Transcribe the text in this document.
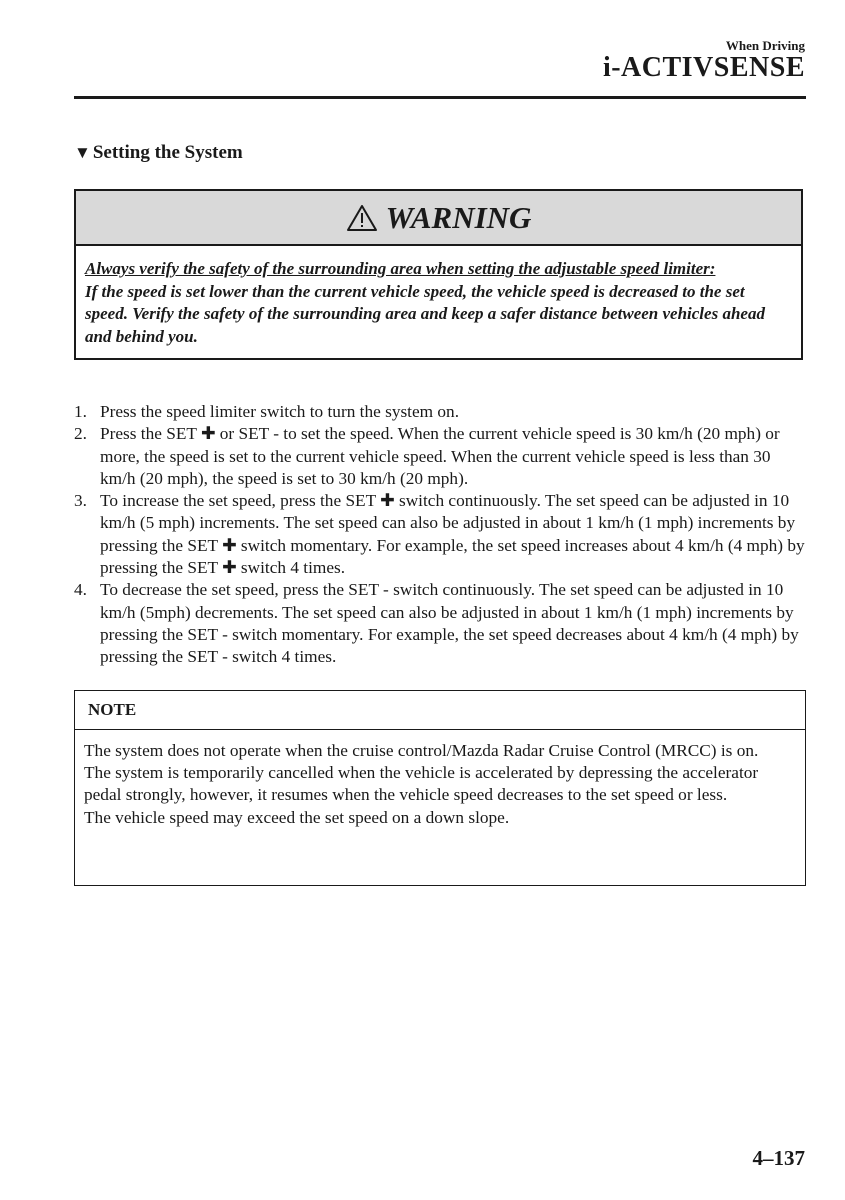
When Driving
i-ACTIVSENSE
▼ Setting the System
WARNING
Always verify the safety of the surrounding area when setting the adjustable speed limiter:
If the speed is set lower than the current vehicle speed, the vehicle speed is decreased to the set speed. Verify the safety of the surrounding area and keep a safer distance between vehicles ahead and behind you.
1. Press the speed limiter switch to turn the system on.
2. Press the SET ✚ or SET - to set the speed. When the current vehicle speed is 30 km/h (20 mph) or more, the speed is set to the current vehicle speed. When the current vehicle speed is less than 30 km/h (20 mph), the speed is set to 30 km/h (20 mph).
3. To increase the set speed, press the SET ✚ switch continuously. The set speed can be adjusted in 10 km/h (5 mph) increments. The set speed can also be adjusted in about 1 km/h (1 mph) increments by pressing the SET ✚ switch momentary. For example, the set speed increases about 4 km/h (4 mph) by pressing the SET ✚ switch 4 times.
4. To decrease the set speed, press the SET - switch continuously. The set speed can be adjusted in 10 km/h (5mph) decrements. The set speed can also be adjusted in about 1 km/h (1 mph) increments by pressing the SET - switch momentary. For example, the set speed decreases about 4 km/h (4 mph) by pressing the SET - switch 4 times.
NOTE

The system does not operate when the cruise control/Mazda Radar Cruise Control (MRCC) is on.

The system is temporarily cancelled when the vehicle is accelerated by depressing the accelerator pedal strongly, however, it resumes when the vehicle speed decreases to the set speed or less.

The vehicle speed may exceed the set speed on a down slope.

4–137
